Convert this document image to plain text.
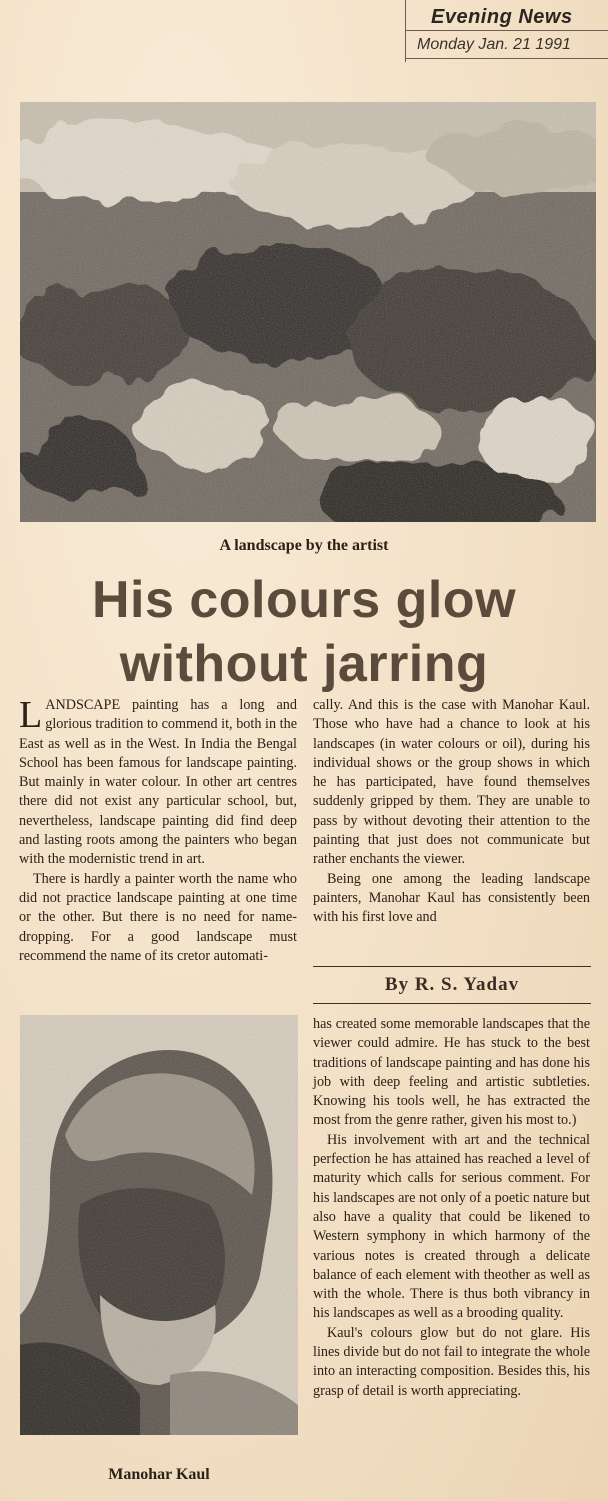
Evening News
Monday Jan. 21 1991
A landscape by the artist
His colours glow
without jarring

LANDSCAPE painting has a long and glorious tradition to commend it, both in the East as well as in the West. In India the Bengal School has been famous for landscape painting. But mainly in water colour. In other art centres there did not exist any particular school, but, nevertheless, landscape painting did find deep and lasting roots among the painters who began with the modernistic trend in art.

There is hardly a painter worth the name who did not practice landscape painting at one time or the other. But there is no need for name-dropping. For a good landscape must recommend the name of its cretor automati-

cally. And this is the case with Manohar Kaul. Those who have had a chance to look at his landscapes (in water colours or oil), during his individual shows or the group shows in which he has participated, have found themselves suddenly gripped by them. They are unable to pass by without devoting their attention to the painting that just does not communicate but rather enchants the viewer.

Being one among the leading landscape painters, Manohar Kaul has consistently been with his first love and

By R. S. Yadav

has created some memorable landscapes that the viewer could admire. He has stuck to the best traditions of landscape painting and has done his job with deep feeling and artistic subtleties. Knowing his tools well, he has extracted the most from the genre rather, given his most to.)

His involvement with art and the technical perfection he has attained has reached a level of maturity which calls for serious comment. For his landscapes are not only of a poetic nature but also have a quality that could be likened to Western symphony in which harmony of the various notes is created through a delicate balance of each element with theother as well as with the whole. There is thus both vibrancy in his landscapes as well as a brooding quality.

Kaul's colours glow but do not glare. His lines divide but do not fail to integrate the whole into an interacting composition. Besides this, his grasp of detail is worth appreciating.

Manohar Kaul
